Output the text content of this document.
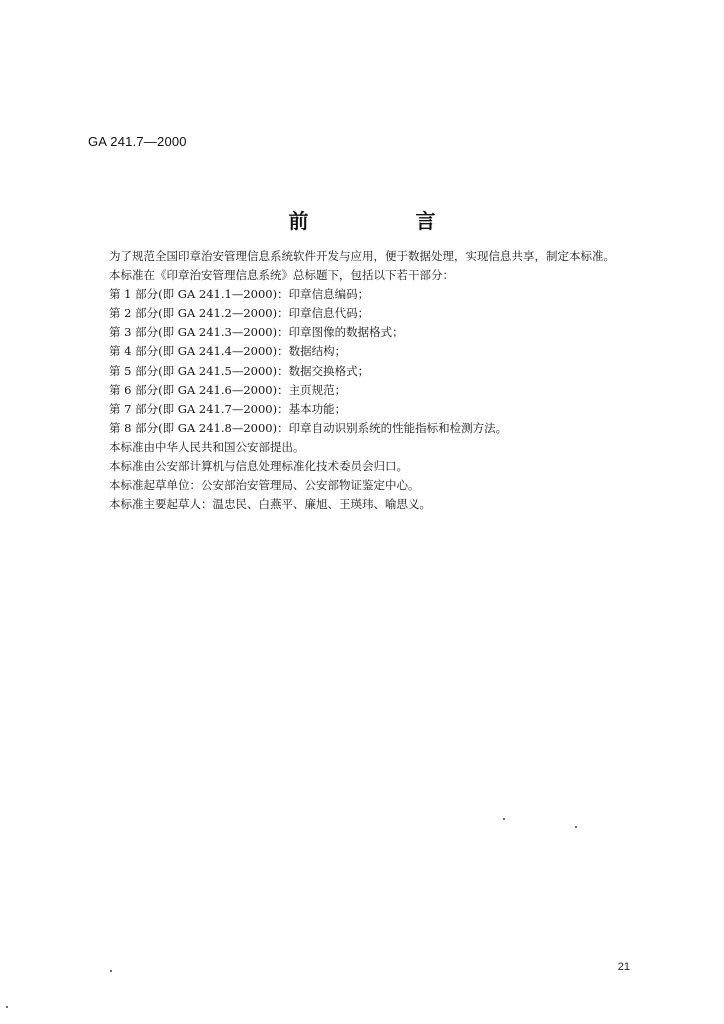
GA 241.7—2000
前 言

为了规范全国印章治安管理信息系统软件开发与应用，便于数据处理，实现信息共享，制定本标准。

本标准在《印章治安管理信息系统》总标题下，包括以下若干部分：

第 1 部分(即 GA 241.1—2000)：印章信息编码；

第 2 部分(即 GA 241.2—2000)：印章信息代码；

第 3 部分(即 GA 241.3—2000)：印章图像的数据格式；

第 4 部分(即 GA 241.4—2000)：数据结构；

第 5 部分(即 GA 241.5—2000)：数据交换格式；

第 6 部分(即 GA 241.6—2000)：主页规范；

第 7 部分(即 GA 241.7—2000)：基本功能；

第 8 部分(即 GA 241.8—2000)：印章自动识别系统的性能指标和检测方法。

本标准由中华人民共和国公安部提出。

本标准由公安部计算机与信息处理标准化技术委员会归口。

本标准起草单位：公安部治安管理局、公安部物证鉴定中心。

本标准主要起草人：温忠民、白燕平、廉旭、王瑛玮、喻思义。

21
